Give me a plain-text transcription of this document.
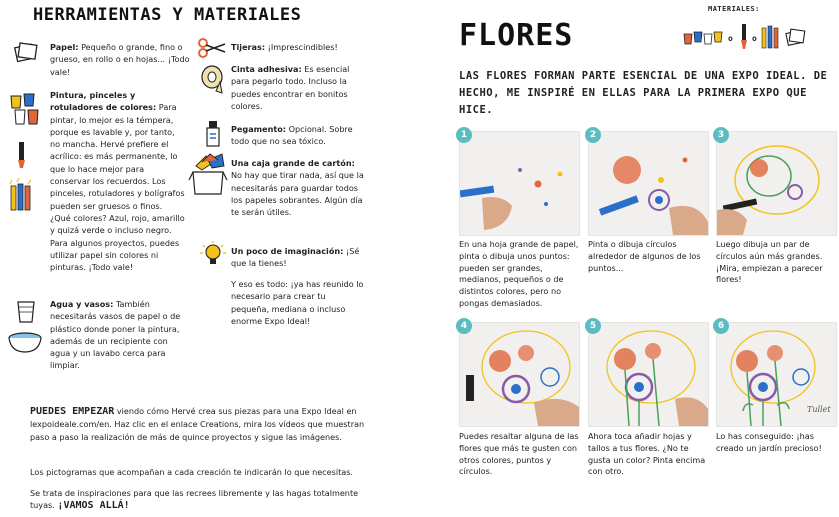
HERRAMIENTAS Y MATERIALES
Papel: Pequeño o grande, fino o grueso, en rollo o en hojas... ¡Todo vale!
Pintura, pinceles y rotuladores de colores: Para pintar, lo mejor es la témpera, porque es lavable y, por tanto, no mancha. Hervé prefiere el acrílico: es más permanente, lo que lo hace mejor para conservar los recuerdos. Los pinceles, rotuladores y bolígrafos pueden ser gruesos o finos. ¿Qué colores? Azul, rojo, amarillo y quizá verde o incluso negro. Para algunos proyectos, puedes utilizar papel sin colores ni pinturas. ¡Todo vale!
Agua y vasos: También necesitarás vasos de papel o de plástico donde poner la pintura, además de un recipiente con agua y un lavabo cerca para limpiar.
Tijeras: ¡Imprescindibles!
Cinta adhesiva: Es esencial para pegarlo todo. Incluso la puedes encontrar en bonitos colores.
Pegamento: Opcional. Sobre todo que no sea tóxico.
Una caja grande de cartón: No hay que tirar nada, así que la necesitarás para guardar todos los papeles sobrantes. Algún día te serán útiles.
Un poco de imaginación: ¡Sé que la tienes!
Y eso es todo: ¡ya has reunido lo necesario para crear tu pequeña, mediana o incluso enorme Expo Ideal!
PUEDES EMPEZAR viendo cómo Hervé crea sus piezas para una Expo Ideal en lexpoideale.com/en. Haz clic en el enlace Creations, mira los vídeos que muestran paso a paso la realización de más de quince proyectos y sigue las imágenes.
Los pictogramas que acompañan a cada creación te indicarán lo que necesitas.
Se trata de inspiraciones para que las recrees libremente y las hagas totalmente tuyas. ¡VAMOS ALLÁ!
FLORES
MATERIALES:
o o
LAS FLORES FORMAN PARTE ESENCIAL DE UNA EXPO IDEAL. DE HECHO, ME INSPIRÉ EN ELLAS PARA LA PRIMERA EXPO QUE HICE.
1
En una hoja grande de papel, pinta o dibuja unos puntos: pueden ser grandes, medianos, pequeños o de distintos colores, pero no pongas demasiados.
2
Pinta o dibuja círculos alrededor de algunos de los puntos...
3
Luego dibuja un par de círculos aún más grandes. ¡Mira, empiezan a parecer flores!
4
Puedes resaltar alguna de las flores que más te gusten con otros colores, puntos y círculos.
5
Ahora toca añadir hojas y tallos a tus flores. ¿No te gusta un color? Pinta encima con otro.
Tullet
6
Lo has conseguido: ¡has creado un jardín precioso!
